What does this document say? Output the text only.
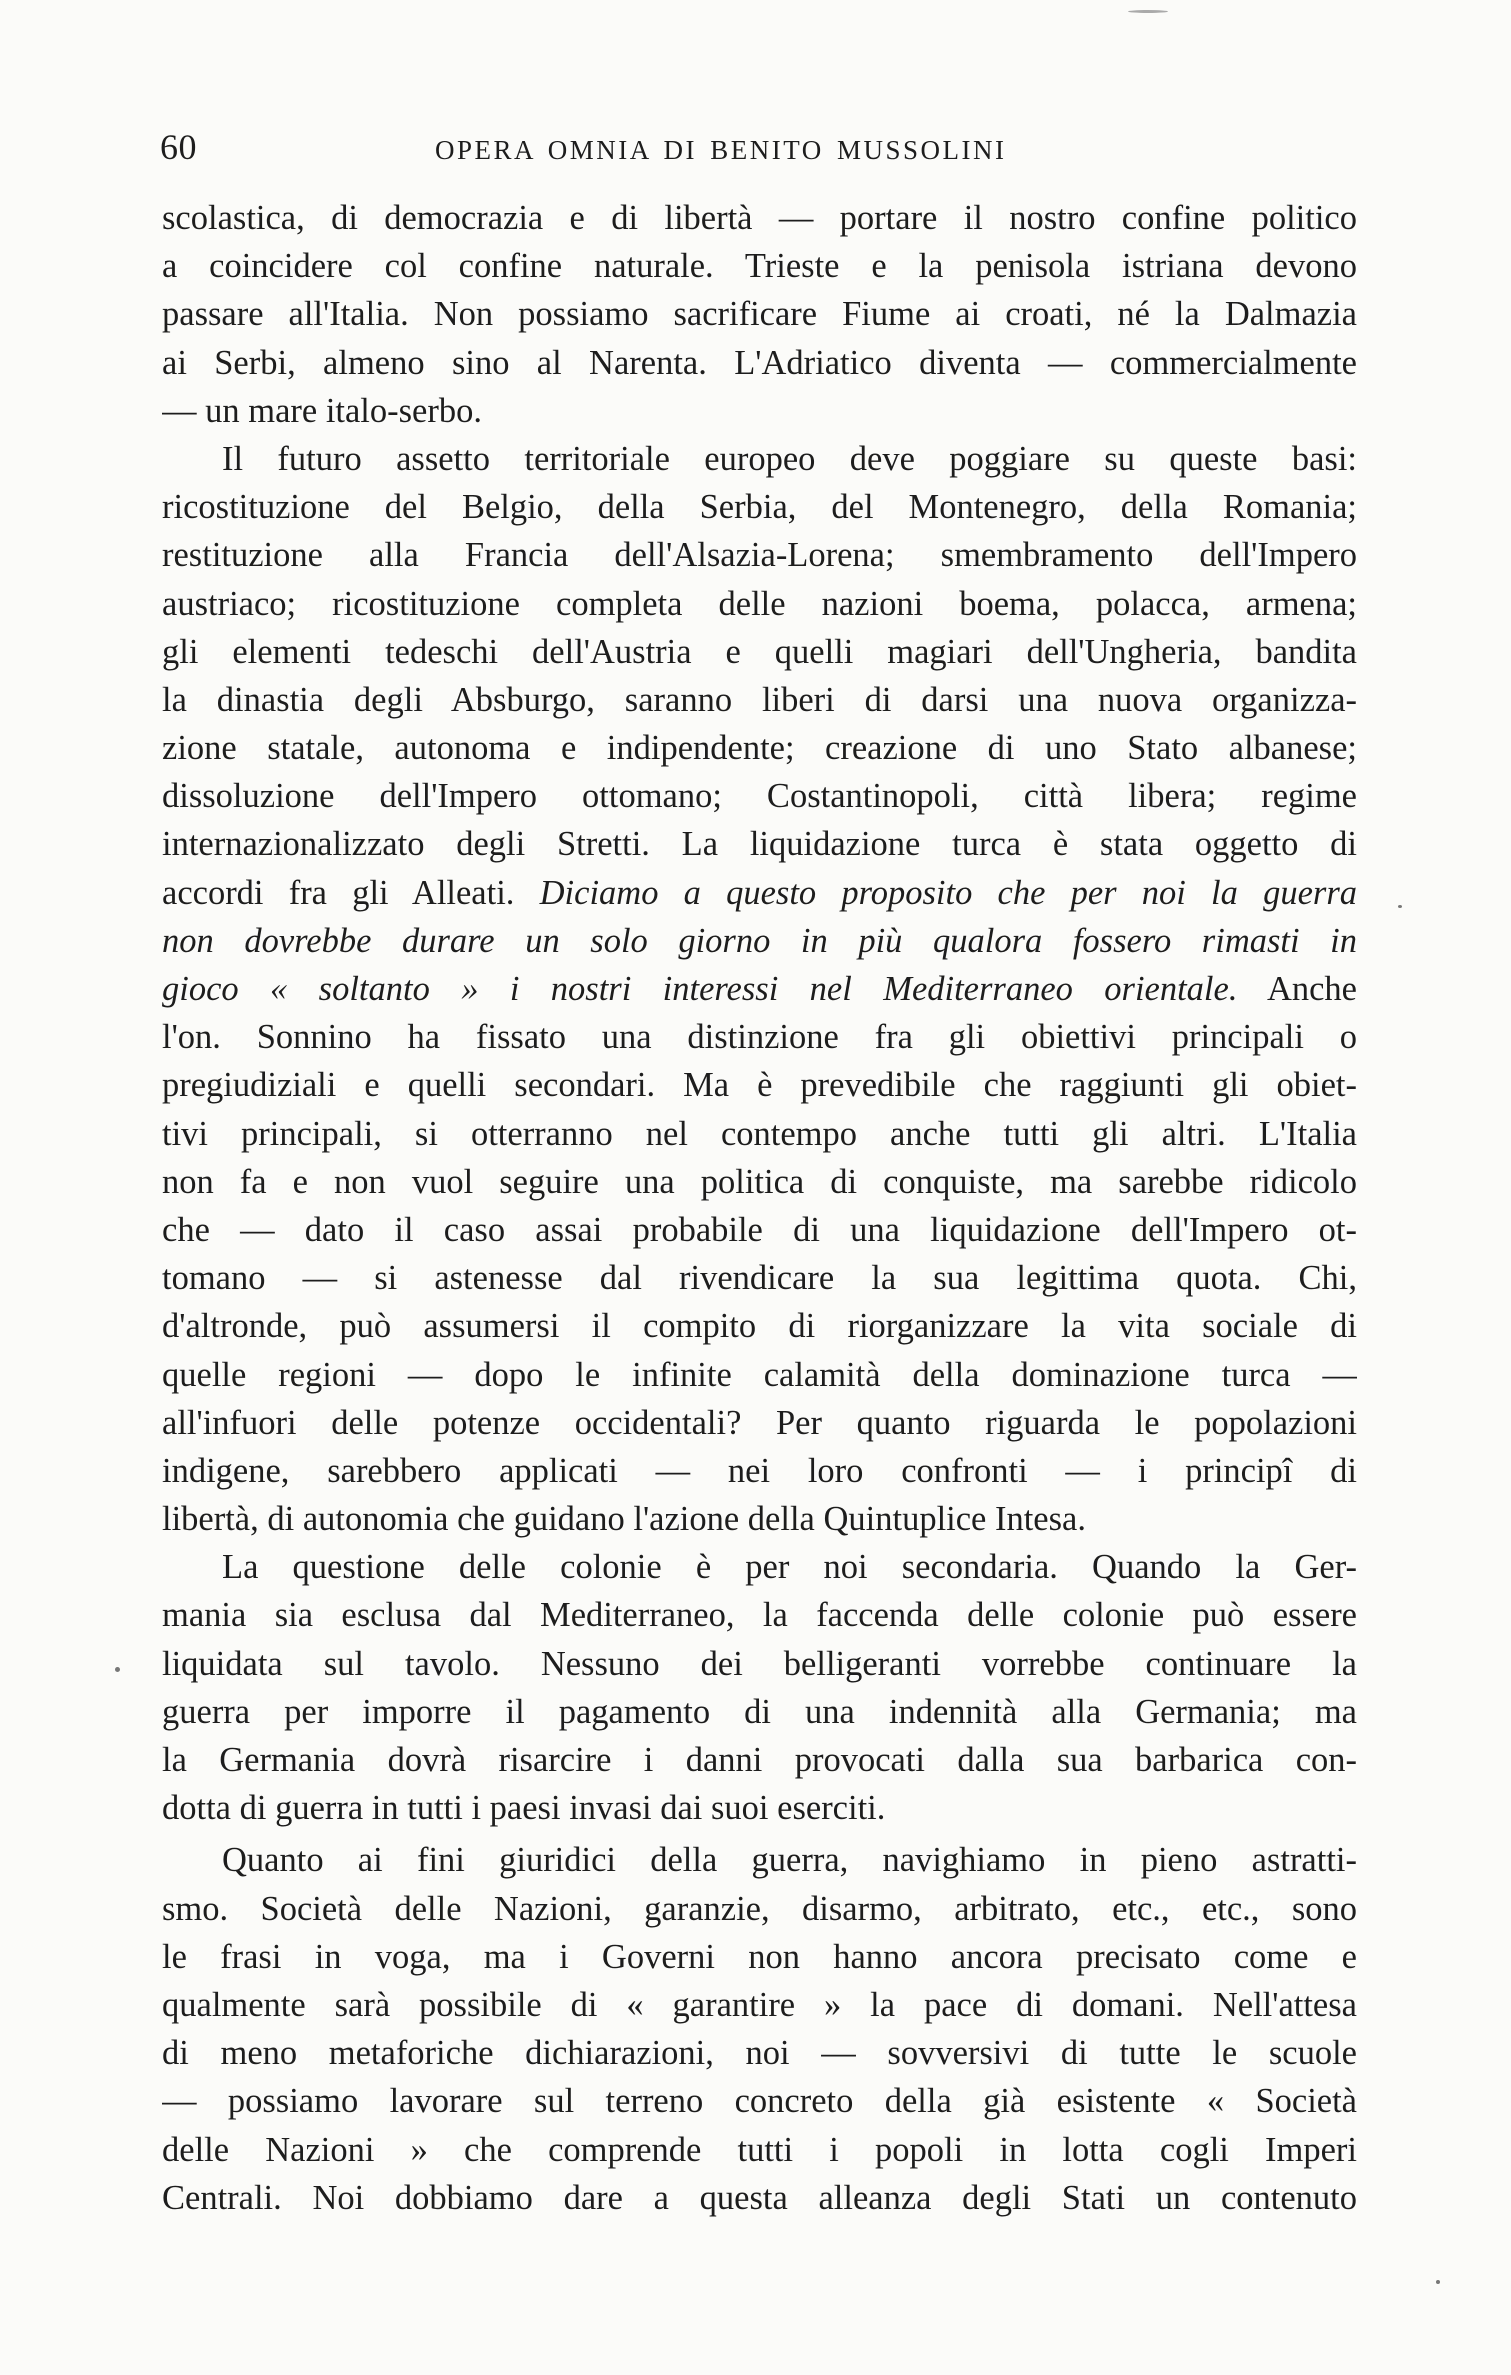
60	OPERA OMNIA DI BENITO MUSSOLINI
scolastica, di democrazia e di libertà — portare il nostro confine politico
a coincidere col confine naturale. Trieste e la penisola istriana devono
passare all'Italia. Non possiamo sacrificare Fiume ai croati, né la Dalmazia
ai Serbi, almeno sino al Narenta. L'Adriatico diventa — commercialmente
— un mare italo-serbo.
Il futuro assetto territoriale europeo deve poggiare su queste basi:
ricostituzione del Belgio, della Serbia, del Montenegro, della Romania;
restituzione alla Francia dell'Alsazia-Lorena; smembramento dell'Impero
austriaco; ricostituzione completa delle nazioni boema, polacca, armena;
gli elementi tedeschi dell'Austria e quelli magiari dell'Ungheria, bandita
la dinastia degli Absburgo, saranno liberi di darsi una nuova organizza-
zione statale, autonoma e indipendente; creazione di uno Stato albanese;
dissoluzione dell'Impero ottomano; Costantinopoli, città libera; regime
internazionalizzato degli Stretti. La liquidazione turca è stata oggetto di
accordi fra gli Alleati. Diciamo a questo proposito che per noi la guerra
non dovrebbe durare un solo giorno in più qualora fossero rimasti in
gioco « soltanto » i nostri interessi nel Mediterraneo orientale. Anche
l'on. Sonnino ha fissato una distinzione fra gli obiettivi principali o
pregiudiziali e quelli secondari. Ma è prevedibile che raggiunti gli obiet-
tivi principali, si otterranno nel contempo anche tutti gli altri. L'Italia
non fa e non vuol seguire una politica di conquiste, ma sarebbe ridicolo
che — dato il caso assai probabile di una liquidazione dell'Impero ot-
tomano — si astenesse dal rivendicare la sua legittima quota. Chi,
d'altronde, può assumersi il compito di riorganizzare la vita sociale di
quelle regioni — dopo le infinite calamità della dominazione turca —
all'infuori delle potenze occidentali? Per quanto riguarda le popolazioni
indigene, sarebbero applicati — nei loro confronti — i principî di
libertà, di autonomia che guidano l'azione della Quintuplice Intesa.
La questione delle colonie è per noi secondaria. Quando la Ger-
mania sia esclusa dal Mediterraneo, la faccenda delle colonie può essere
liquidata sul tavolo. Nessuno dei belligeranti vorrebbe continuare la
guerra per imporre il pagamento di una indennità alla Germania; ma
la Germania dovrà risarcire i danni provocati dalla sua barbarica con-
dotta di guerra in tutti i paesi invasi dai suoi eserciti.
Quanto ai fini giuridici della guerra, navighiamo in pieno astratti-
smo. Società delle Nazioni, garanzie, disarmo, arbitrato, etc., etc., sono
le frasi in voga, ma i Governi non hanno ancora precisato come e
qualmente sarà possibile di « garantire » la pace di domani. Nell'attesa
di meno metaforiche dichiarazioni, noi — sovversivi di tutte le scuole
— possiamo lavorare sul terreno concreto della già esistente « Società
delle Nazioni » che comprende tutti i popoli in lotta cogli Imperi
Centrali. Noi dobbiamo dare a questa alleanza degli Stati un contenuto
